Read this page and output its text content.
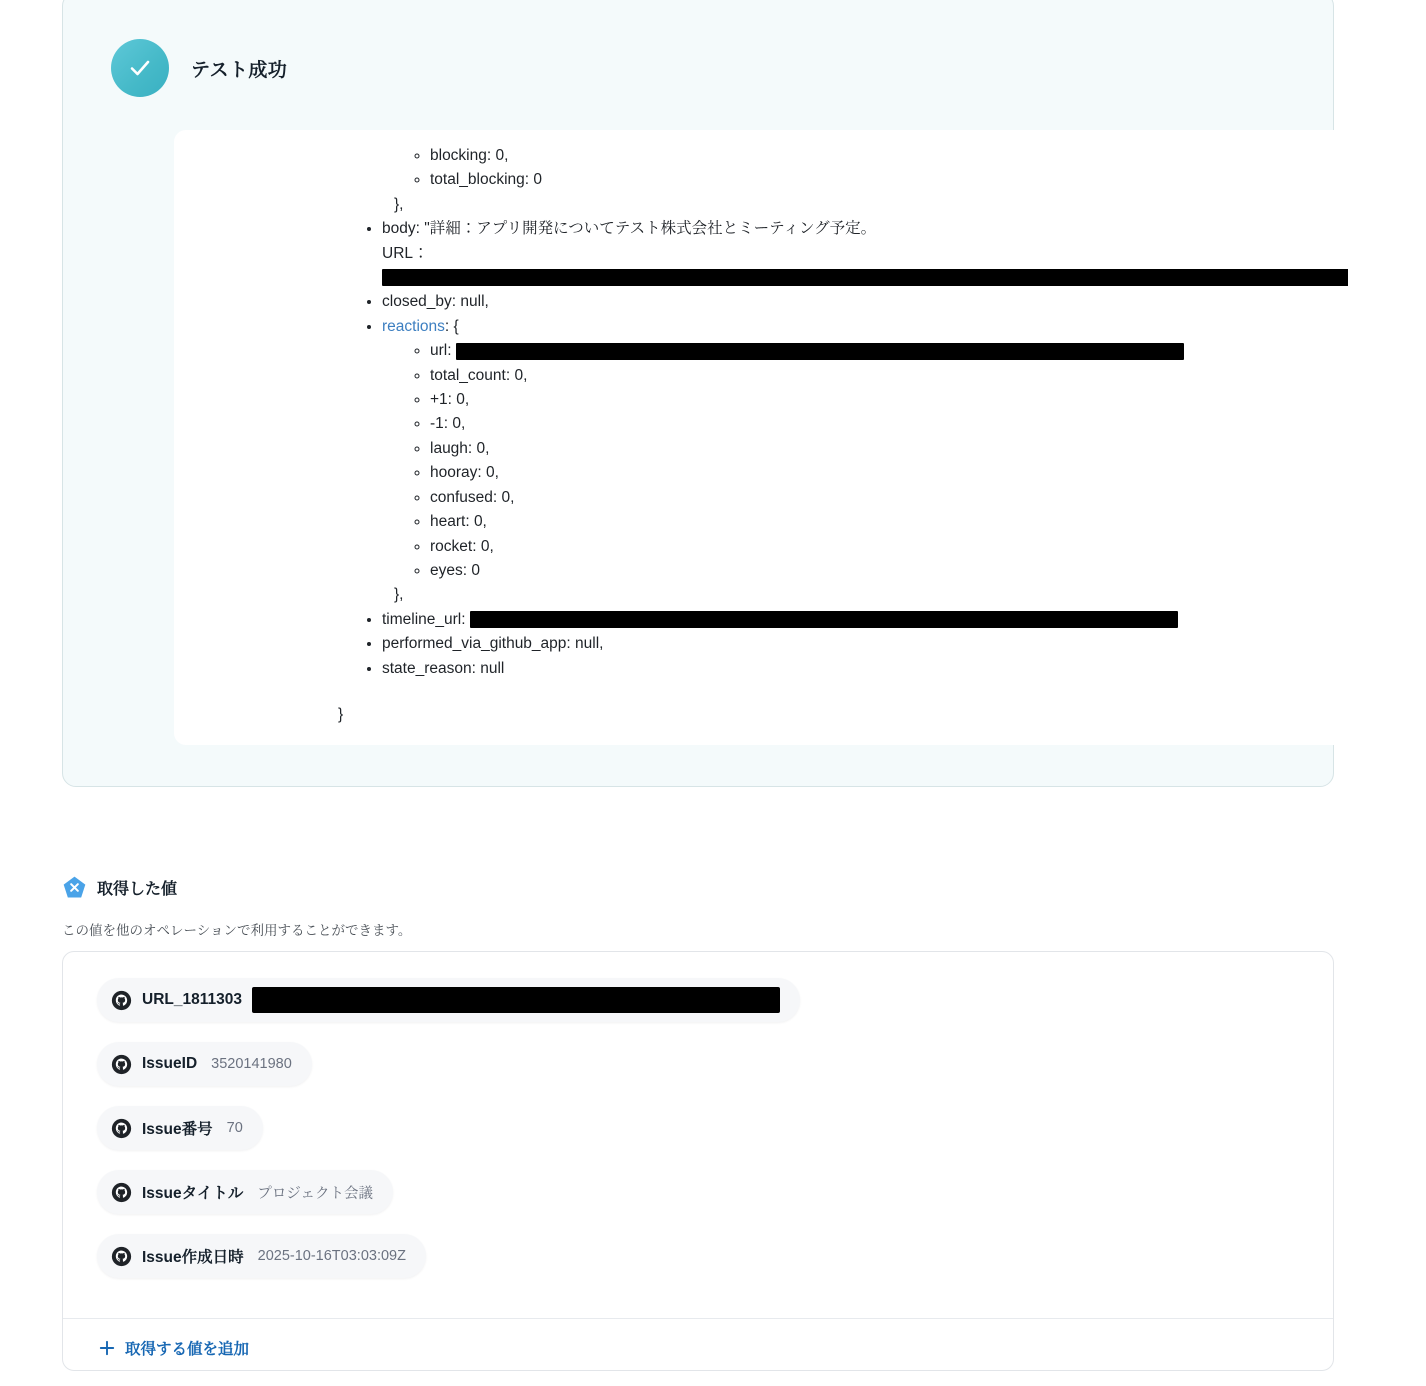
テスト成功
◦ blocking: 0,
◦ total_blocking: 0
},
• body: "詳細：アプリ開発についてテスト株式会社とミーティング予定。
URL：
• closed_by: null,
• reactions: {
◦ url:
◦ total_count: 0,
◦ +1: 0,
◦ -1: 0,
◦ laugh: 0,
◦ hooray: 0,
◦ confused: 0,
◦ heart: 0,
◦ rocket: 0,
◦ eyes: 0
},
• timeline_url:
• performed_via_github_app: null,
• state_reason: null
}
取得した値
この値を他のオペレーションで利用することができます。
URL_1811303
IssueID 3520141980
Issue番号 70
Issueタイトル プロジェクト会議
Issue作成日時 2025-10-16T03:03:09Z
取得する値を追加
